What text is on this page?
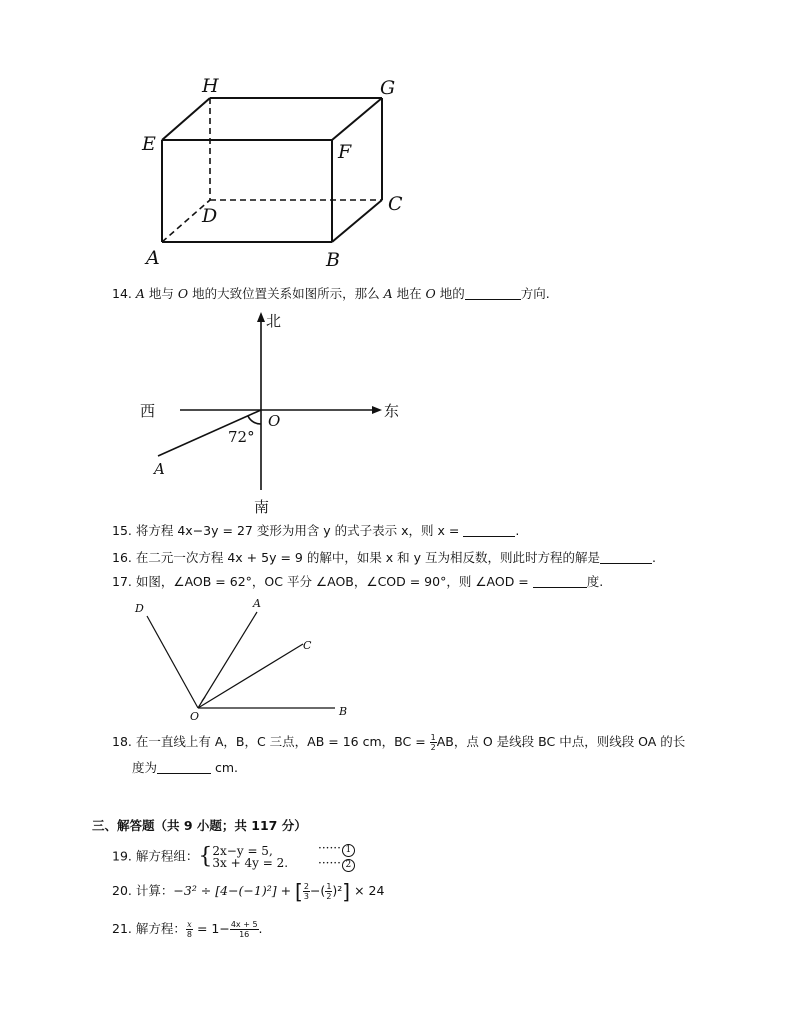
H	G
E	F
D
C
A	B
14. A 地与 O 地的大致位置关系如图所示，那么 A 地在 O 地的	方向.
北
南
西	东
O
A
72°
15. 将方程 4x−3y = 27 变形为用含 y 的式子表示 x，则 x =	.
16. 在二元一次方程 4x + 5y = 9 的解中，如果 x 和 y 互为相反数，则此时方程的解是	.
17. 如图，∠AOB = 62°，OC 平分 ∠AOB，∠COD = 90°，则 ∠AOD =	度.
D	A
C
O	B
18. 在一直线上有 A，B，C 三点，AB = 16 cm，BC = $\frac{1}{2}$ AB，点 O 是线段 BC 中点，则线段 OA 的长
度为	cm.
三、解答题（共 9 小题；共 117 分）
19. 解方程组：{2x−y = 5,
3x + 4y = 2. ······ 1
······ 2
20. 计算：−3² ÷ [4−(−1)²] + [ $\frac{2}{3}$ −( $\frac{1}{2} )^2] \times 24$
21. 解方程： $\frac{x}{8} = 1- \frac{4x + 5}{16}$ .
